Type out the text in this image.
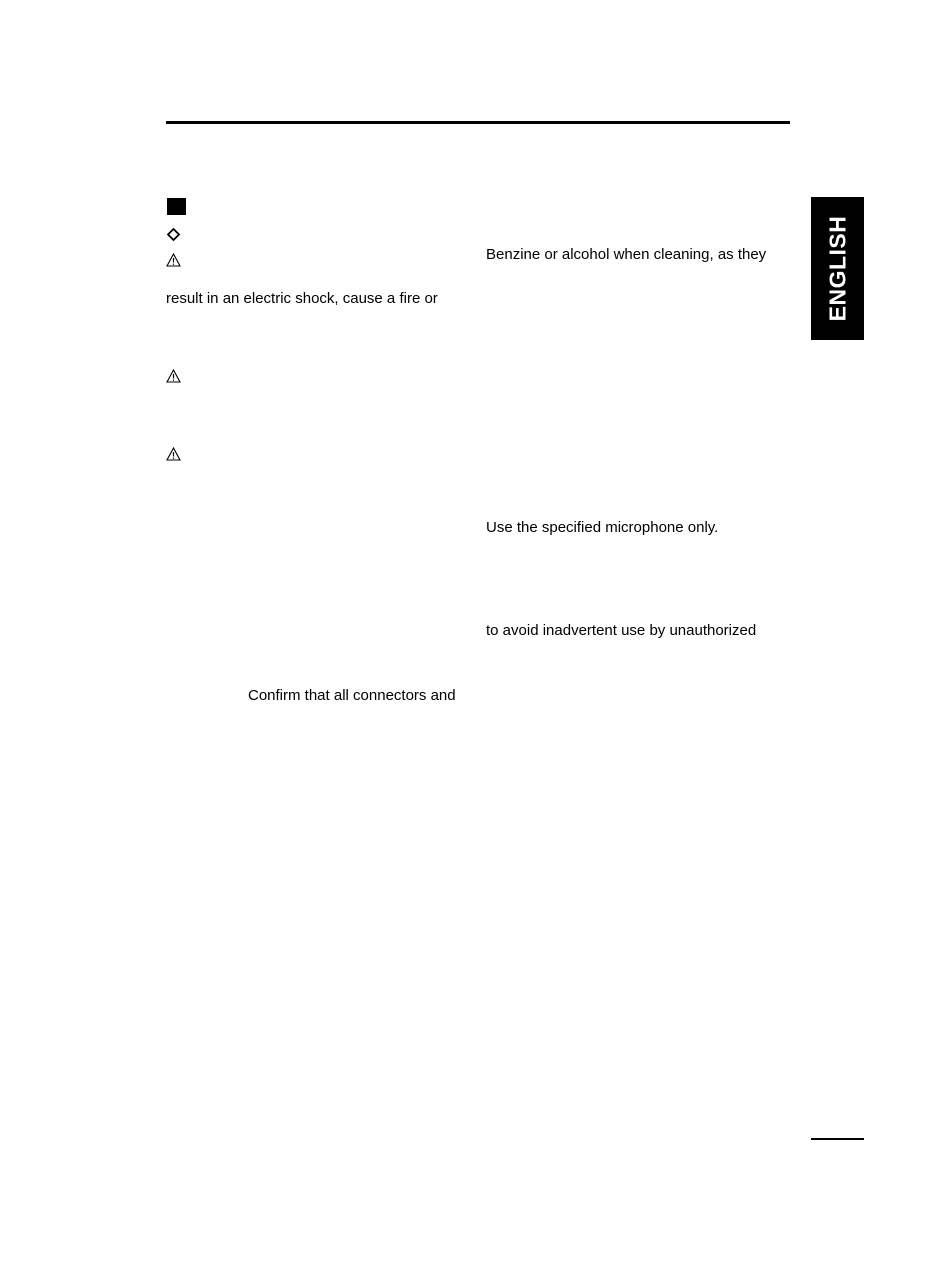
ENGLISH
Benzine or alcohol when cleaning, as they
result in an electric shock, cause a fire or
Use the specified microphone only.
to avoid inadvertent use by unauthorized
Confirm that all connectors and
